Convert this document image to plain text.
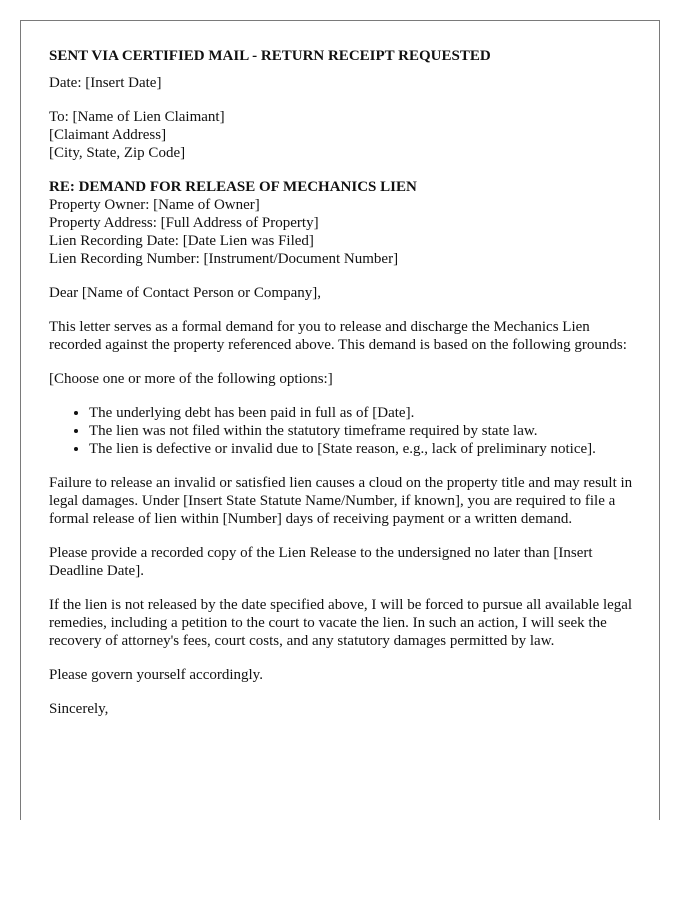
SENT VIA CERTIFIED MAIL - RETURN RECEIPT REQUESTED

Date: [Insert Date]

To: [Name of Lien Claimant]
[Claimant Address]
[City, State, Zip Code]

RE: DEMAND FOR RELEASE OF MECHANICS LIEN
Property Owner: [Name of Owner]
Property Address: [Full Address of Property]
Lien Recording Date: [Date Lien was Filed]
Lien Recording Number: [Instrument/Document Number]

Dear [Name of Contact Person or Company],

This letter serves as a formal demand for you to release and discharge the Mechanics Lien recorded against the property referenced above. This demand is based on the following grounds:

[Choose one or more of the following options:]

• The underlying debt has been paid in full as of [Date].
• The lien was not filed within the statutory timeframe required by state law.
• The lien is defective or invalid due to [State reason, e.g., lack of preliminary notice].

Failure to release an invalid or satisfied lien causes a cloud on the property title and may result in legal damages. Under [Insert State Statute Name/Number, if known], you are required to file a formal release of lien within [Number] days of receiving payment or a written demand.

Please provide a recorded copy of the Lien Release to the undersigned no later than [Insert Deadline Date].

If the lien is not released by the date specified above, I will be forced to pursue all available legal remedies, including a petition to the court to vacate the lien. In such an action, I will seek the recovery of attorney's fees, court costs, and any statutory damages permitted by law.

Please govern yourself accordingly.

Sincerely,
